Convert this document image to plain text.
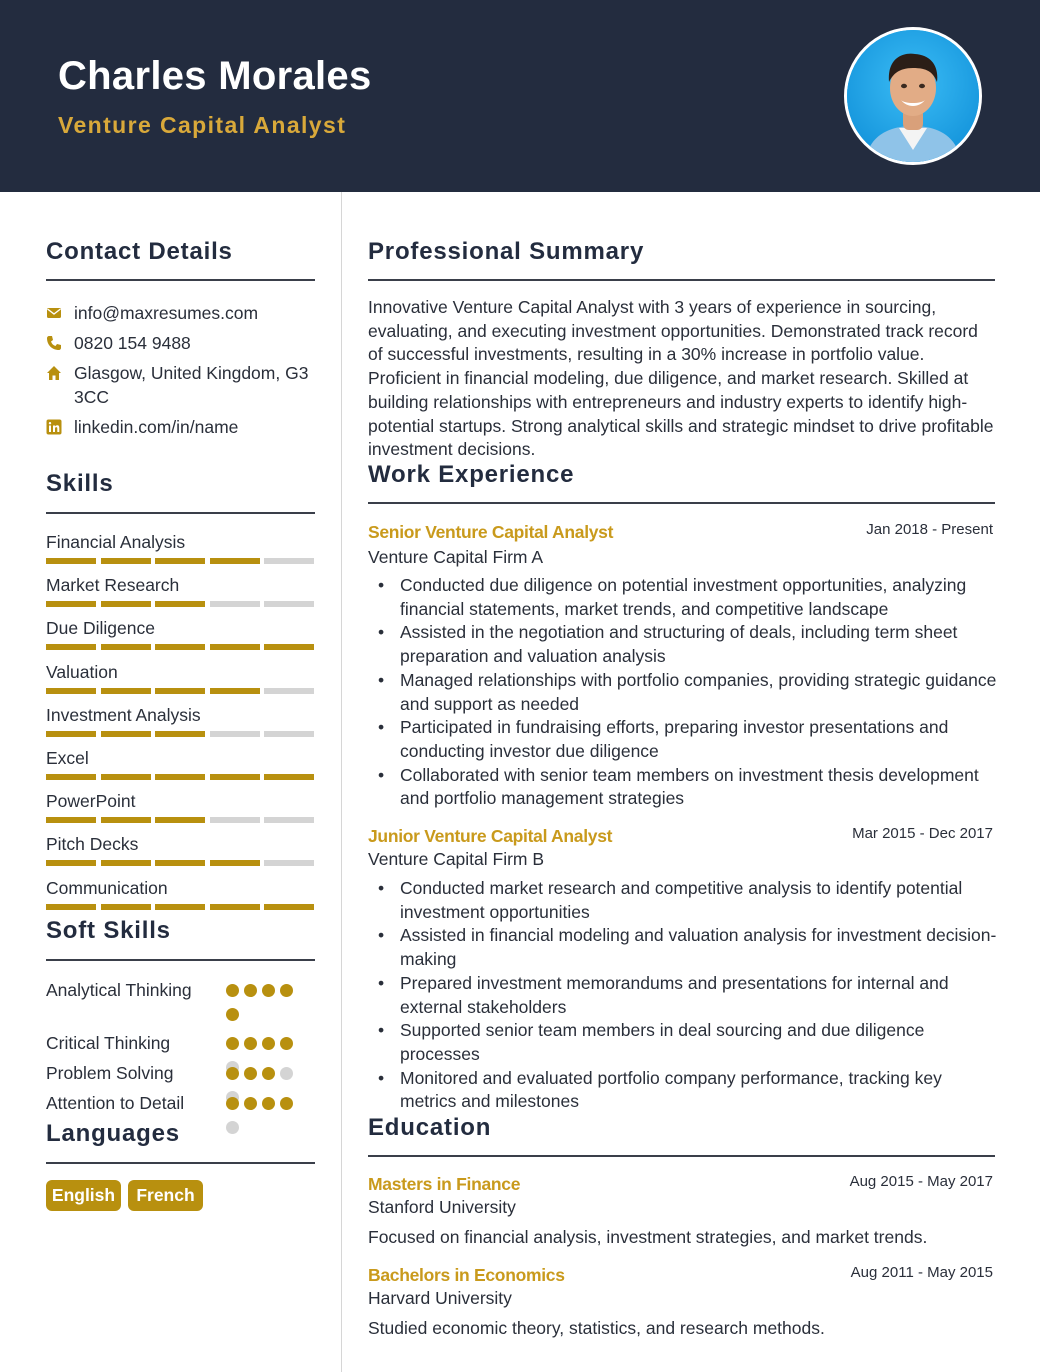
Charles Morales
Venture Capital Analyst
Contact Details
info@maxresumes.com
0820 154 9488
Glasgow, United Kingdom, G3 3CC
linkedin.com/in/name
Skills
Financial Analysis
Market Research
Due Diligence
Valuation
Investment Analysis
Excel
PowerPoint
Pitch Decks
Communication
Soft Skills
Analytical Thinking
Critical Thinking
Problem Solving
Attention to Detail
Languages
English	French
Professional Summary

Innovative Venture Capital Analyst with 3 years of experience in sourcing, evaluating, and executing investment opportunities. Demonstrated track record of successful investments, resulting in a 30% increase in portfolio value. Proficient in financial modeling, due diligence, and market research. Skilled at building relationships with entrepreneurs and industry experts to identify high-potential startups. Strong analytical skills and strategic mindset to drive profitable investment decisions.

Work Experience
Senior Venture Capital Analyst	Jan 2018 - Present
Venture Capital Firm A
• Conducted due diligence on potential investment opportunities, analyzing financial statements, market trends, and competitive landscape
• Assisted in the negotiation and structuring of deals, including term sheet preparation and valuation analysis
• Managed relationships with portfolio companies, providing strategic guidance and support as needed
• Participated in fundraising efforts, preparing investor presentations and conducting investor due diligence
• Collaborated with senior team members on investment thesis development and portfolio management strategies
Junior Venture Capital Analyst	Mar 2015 - Dec 2017
Venture Capital Firm B
• Conducted market research and competitive analysis to identify potential investment opportunities
• Assisted in financial modeling and valuation analysis for investment decision-making
• Prepared investment memorandums and presentations for internal and external stakeholders
• Supported senior team members in deal sourcing and due diligence processes
• Monitored and evaluated portfolio company performance, tracking key metrics and milestones
Education
Masters in Finance	Aug 2015 - May 2017
Stanford University
Focused on financial analysis, investment strategies, and market trends.
Bachelors in Economics	Aug 2011 - May 2015
Harvard University
Studied economic theory, statistics, and research methods.
